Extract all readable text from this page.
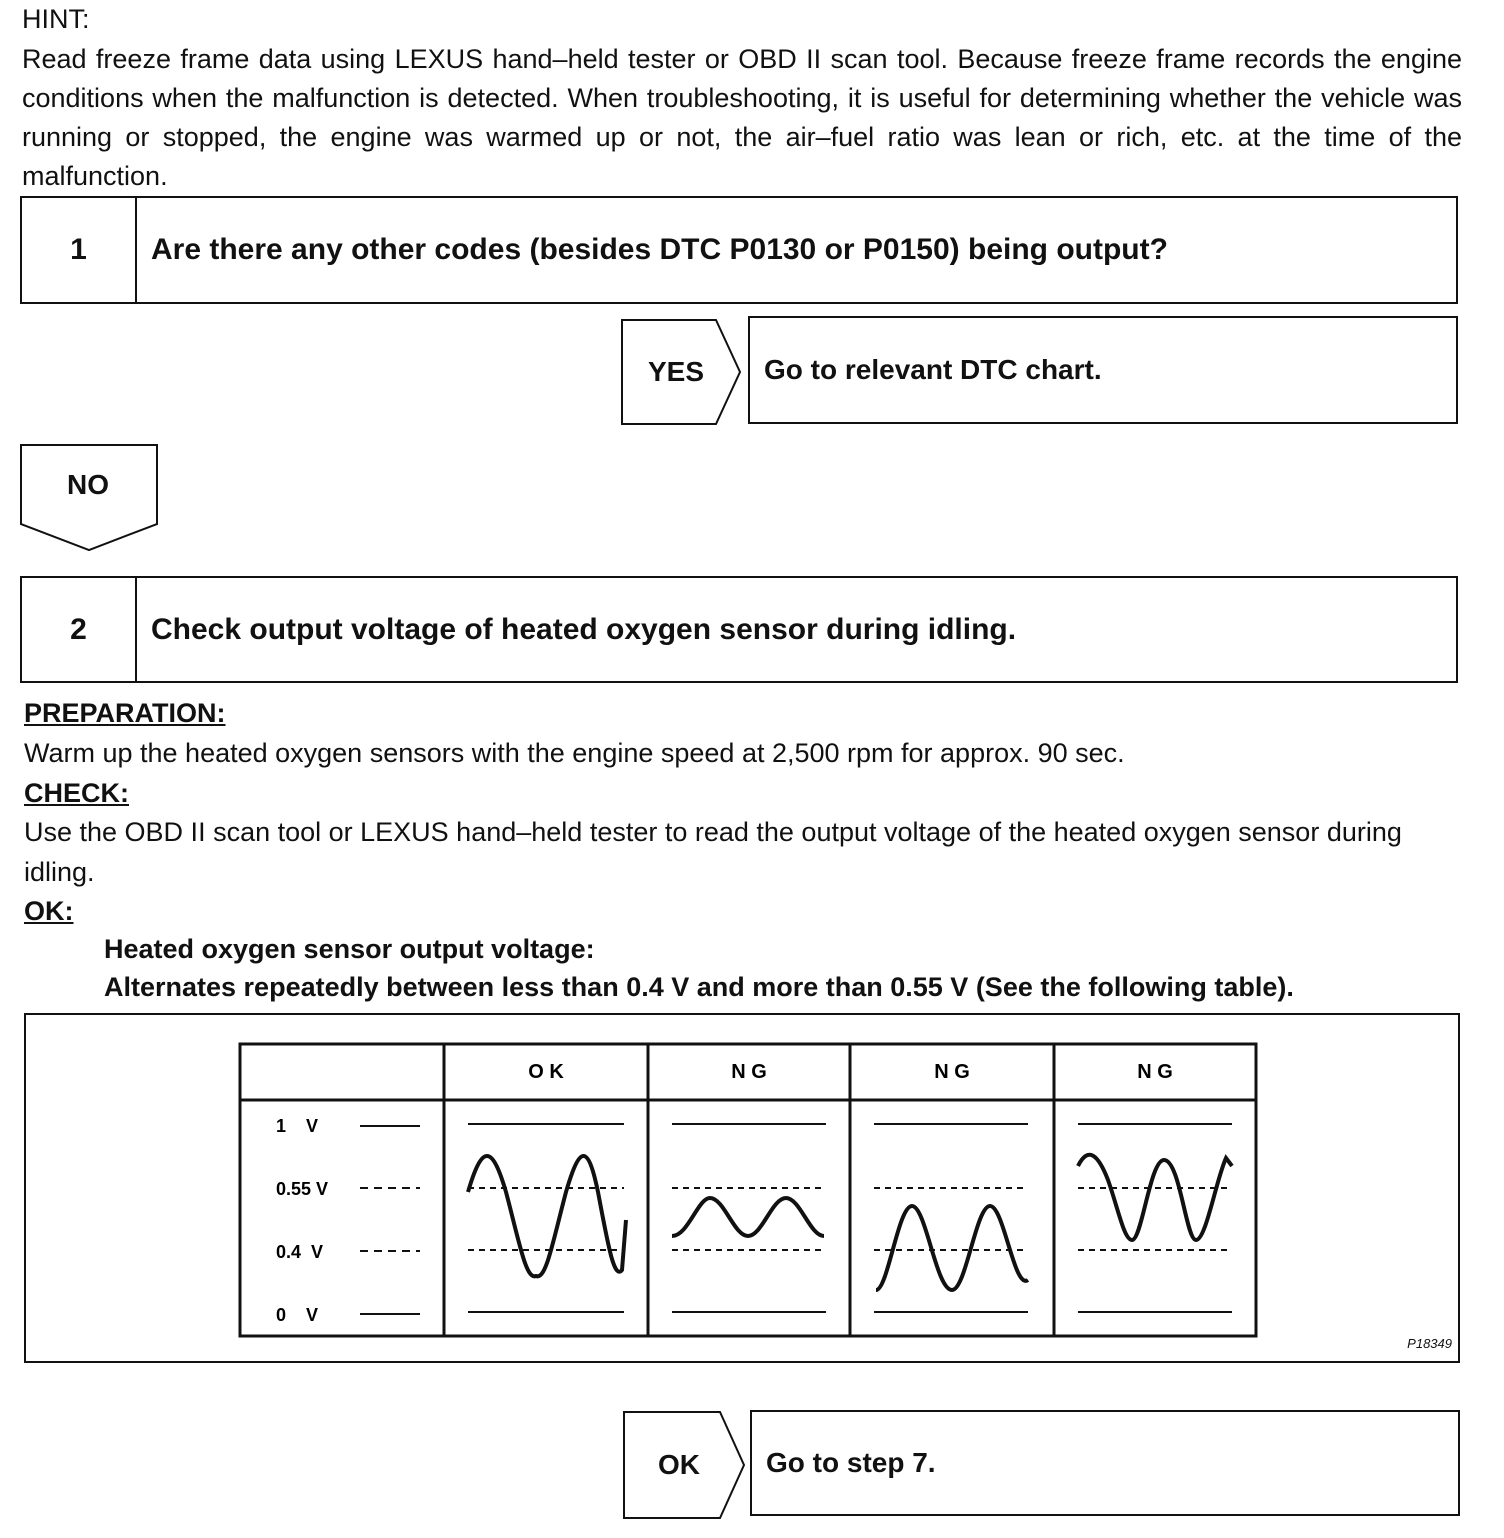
HINT:
Read freeze frame data using LEXUS hand–held tester or OBD II scan tool. Because freeze frame records the engine conditions when the malfunction is detected. When troubleshooting, it is useful for determining whether the vehicle was running or stopped, the engine was warmed up or not, the air–fuel ratio was lean or rich, etc. at the time of the malfunction.
1	Are there any other codes (besides DTC P0130 or P0150) being output?
YES	Go to relevant DTC chart.
NO
2	Check output voltage of heated oxygen sensor during idling.
PREPARATION:
Warm up the heated oxygen sensors with the engine speed at 2,500 rpm for approx. 90 sec.
CHECK:
Use the OBD II scan tool or LEXUS hand–held tester to read the output voltage of the heated oxygen sensor during idling.
OK:
Heated oxygen sensor output voltage:
Alternates repeatedly between less than 0.4 V and more than 0.55 V (See the following table).
O K	N G	N G	N G
1    V
0.55 V
0.4  V
0    V
P18349
OK	Go to step 7.
